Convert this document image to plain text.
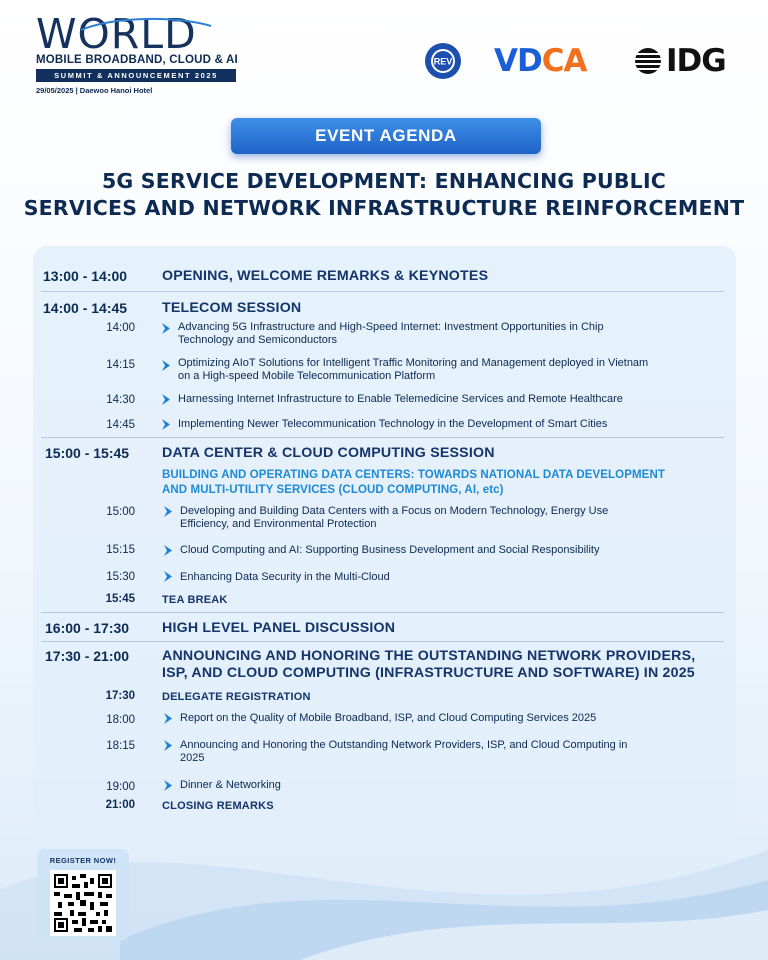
WORLD
MOBILE BROADBAND, CLOUD & AI
SUMMIT & ANNOUNCEMENT 2025
29/05/2025 | Daewoo Hanoi Hotel
REV VDCA	IDG
EVENT AGENDA
5G SERVICE DEVELOPMENT: ENHANCING PUBLIC
SERVICES AND NETWORK INFRASTRUCTURE REINFORCEMENT
13:00 - 14:00 OPENING, WELCOME REMARKS & KEYNOTES
14:00 - 14:45 TELECOM SESSION
14:00	Advancing 5G Infrastructure and High-Speed Internet: Investment Opportunities in Chip
Technology and Semiconductors
14:15	Optimizing AIoT Solutions for Intelligent Traffic Monitoring and Management deployed in Vietnam
on a High-speed Mobile Telecommunication Platform
14:30	Harnessing Internet Infrastructure to Enable Telemedicine Services and Remote Healthcare
14:45	Implementing Newer Telecommunication Technology in the Development of Smart Cities
15:00 - 15:45 DATA CENTER & CLOUD COMPUTING SESSION
BUILDING AND OPERATING DATA CENTERS: TOWARDS NATIONAL DATA DEVELOPMENT
AND MULTI-UTILITY SERVICES (CLOUD COMPUTING, AI, etc)
15:00	Developing and Building Data Centers with a Focus on Modern Technology, Energy Use
Efficiency, and Environmental Protection
15:15	Cloud Computing and AI: Supporting Business Development and Social Responsibility
15:30	Enhancing Data Security in the Multi-Cloud
15:45 TEA BREAK
16:00 - 17:30 HIGH LEVEL PANEL DISCUSSION
17:30 - 21:00 ANNOUNCING AND HONORING THE OUTSTANDING NETWORK PROVIDERS,
ISP, AND CLOUD COMPUTING (INFRASTRUCTURE AND SOFTWARE) IN 2025
17:30 DELEGATE REGISTRATION
18:00	Report on the Quality of Mobile Broadband, ISP, and Cloud Computing Services 2025
18:15	Announcing and Honoring the Outstanding Network Providers, ISP, and Cloud Computing in
2025
19:00	Dinner & Networking
21:00 CLOSING REMARKS
REGISTER NOW!
